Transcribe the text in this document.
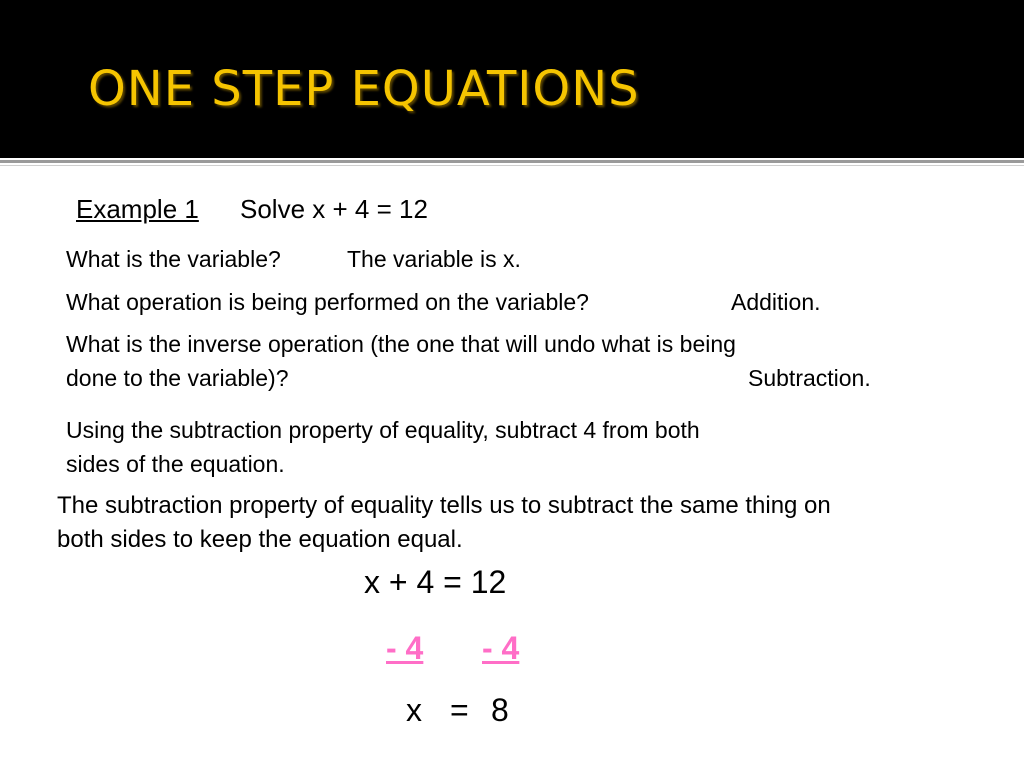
ONE STEP EQUATIONS
Example 1 Solve x + 4 = 12
What is the variable?	The variable is x.
What operation is being performed on the variable?	Addition.
What is the inverse operation (the one that will undo what is being
done to the variable)?	Subtraction.
Using the subtraction property of equality, subtract 4 from both
sides of the equation.
The subtraction property of equality tells us to subtract the same thing on
both sides to keep the equation equal.
x + 4 = 12
- 4 - 4
x = 8
